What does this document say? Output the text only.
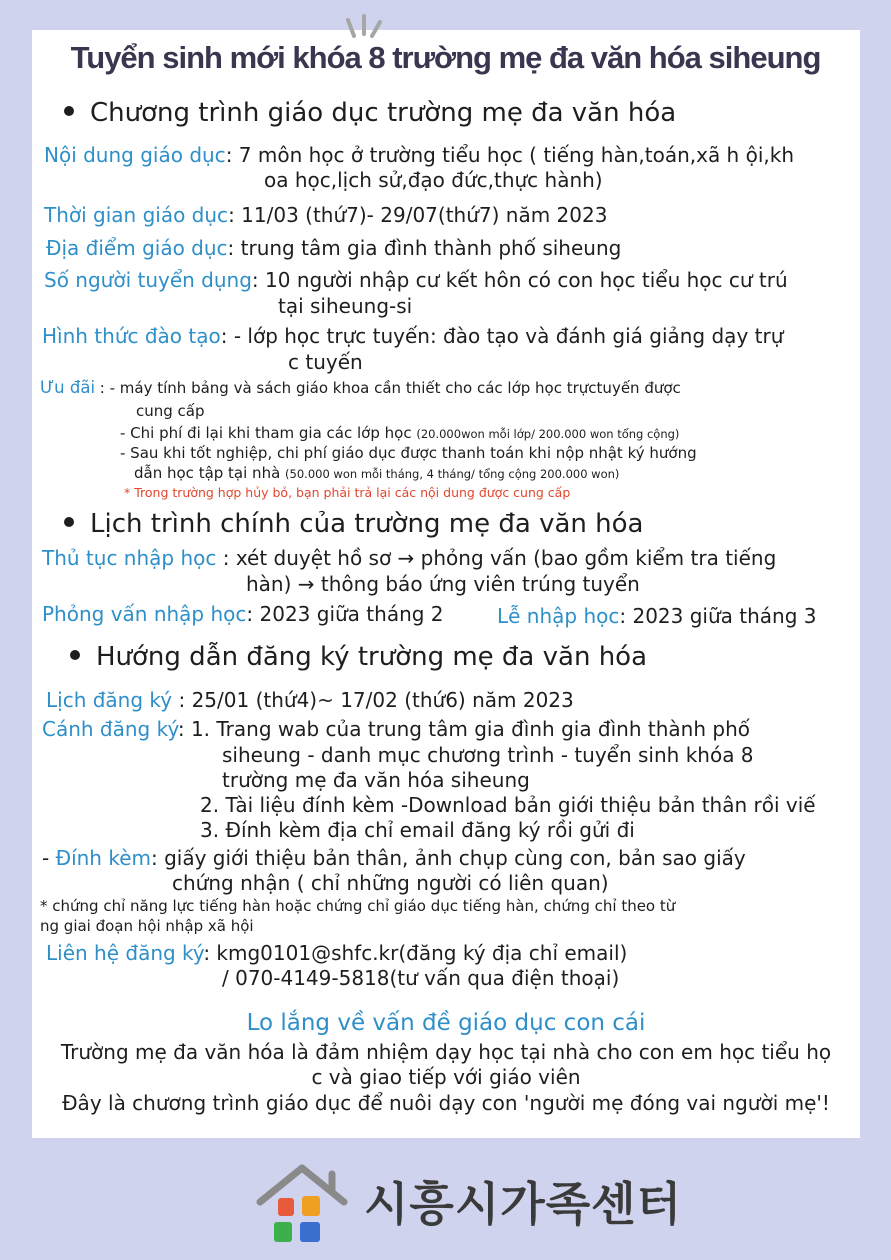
Tuyển sinh mới khóa 8 trường mẹ đa văn hóa siheung
Chương trình giáo dục trường mẹ đa văn hóa
Nội dung giáo dục: 7 môn học ở trường tiểu học ( tiếng hàn,toán,xã h ội,kh
oa học,lịch sử,đạo đức,thực hành)
Thời gian giáo dục: 11/03 (thứ7)- 29/07(thứ7) năm 2023
Địa điểm giáo dục: trung tâm gia đình thành phố siheung
Số người tuyển dụng: 10 người nhập cư kết hôn có con học tiểu học cư trú
tại siheung-si
Hình thức đào tạo: - lớp học trực tuyến: đào tạo và đánh giá giảng dạy trự
c tuyến
Ưu đãi : - máy tính bảng và sách giáo khoa cần thiết cho các lớp học trựctuyến được
cung cấp
- Chi phí đi lại khi tham gia các lớp học (20.000won mỗi lớp/ 200.000 won tổng cộng)
- Sau khi tốt nghiệp, chi phí giáo dục được thanh toán khi nộp nhật ký hướng
dẫn học tập tại nhà (50.000 won mỗi tháng, 4 tháng/ tổng cộng 200.000 won)
* Trong trường hợp hủy bỏ, bạn phải trả lại các nội dung được cung cấp
Lịch trình chính của trường mẹ đa văn hóa
Thủ tục nhập học : xét duyệt hồ sơ → phỏng vấn (bao gồm kiểm tra tiếng
hàn) → thông báo ứng viên trúng tuyển
Phỏng vấn nhập học: 2023 giữa tháng 2	Lễ nhập học: 2023 giữa tháng 3
Hướng dẫn đăng ký trường mẹ đa văn hóa
Lịch đăng ký : 25/01 (thứ4)~ 17/02 (thứ6) năm 2023
Cánh đăng ký: 1. Trang wab của trung tâm gia đình gia đình thành phố
siheung - danh mục chương trình - tuyển sinh khóa 8
trường mẹ đa văn hóa siheung
2. Tài liệu đính kèm -Download bản giới thiệu bản thân rồi viế
3. Đính kèm địa chỉ email đăng ký rồi gửi đi
- Đính kèm: giấy giới thiệu bản thân, ảnh chụp cùng con, bản sao giấy
chứng nhận ( chỉ những người có liên quan)
* chứng chỉ năng lực tiếng hàn hoặc chứng chỉ giáo dục tiếng hàn, chứng chỉ theo từ
ng giai đoạn hội nhập xã hội
Liên hệ đăng ký: kmg0101@shfc.kr(đăng ký địa chỉ email)
/ 070-4149-5818(tư vấn qua điện thoại)
Lo lắng về vấn đề giáo dục con cái
Trường mẹ đa văn hóa là đảm nhiệm dạy học tại nhà cho con em học tiểu họ
c và giao tiếp với giáo viên
Đây là chương trình giáo dục để nuôi dạy con 'người mẹ đóng vai người mẹ'!
시흥시가족센터
